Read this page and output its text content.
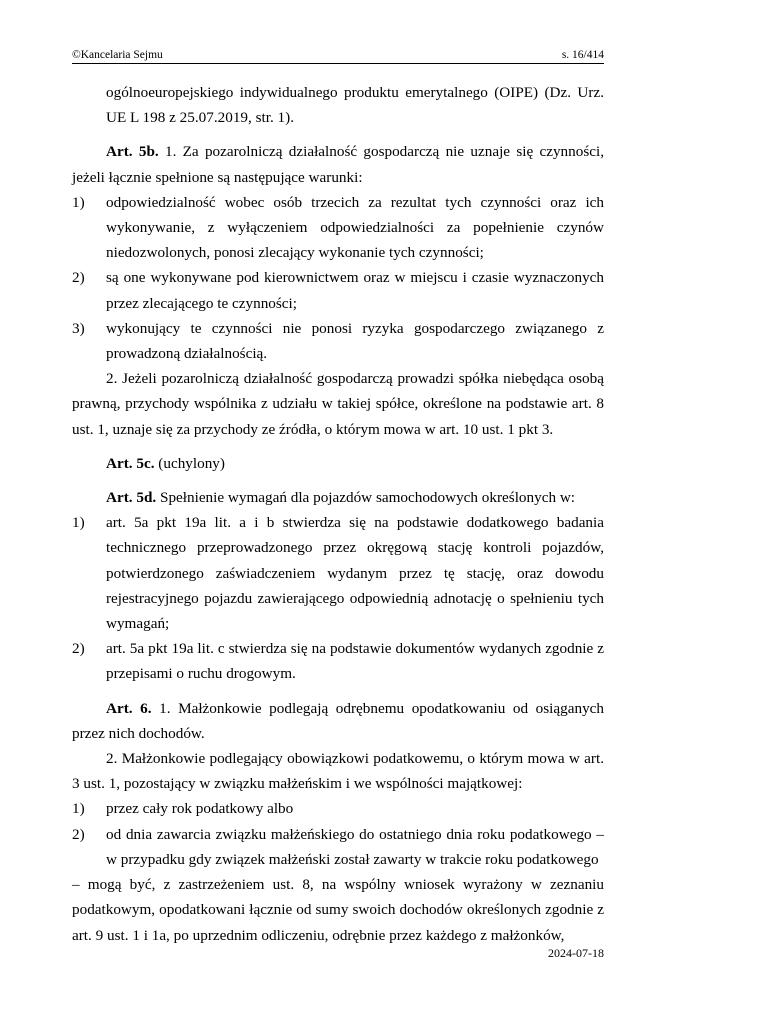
©Kancelaria Sejmu	s. 16/414

ogólnoeuropejskiego indywidualnego produktu emerytalnego (OIPE) (Dz. Urz. UE L 198 z 25.07.2019, str. 1).

Art. 5b. 1. Za pozarolniczą działalność gospodarczą nie uznaje się czynności, jeżeli łącznie spełnione są następujące warunki:

1)	odpowiedzialność wobec osób trzecich za rezultat tych czynności oraz ich wykonywanie, z wyłączeniem odpowiedzialności za popełnienie czynów niedozwolonych, ponosi zlecający wykonanie tych czynności;
2)	są one wykonywane pod kierownictwem oraz w miejscu i czasie wyznaczonych przez zlecającego te czynności;
3)	wykonujący te czynności nie ponosi ryzyka gospodarczego związanego z prowadzoną działalnością.

2. Jeżeli pozarolniczą działalność gospodarczą prowadzi spółka niebędąca osobą prawną, przychody wspólnika z udziału w takiej spółce, określone na podstawie art. 8 ust. 1, uznaje się za przychody ze źródła, o którym mowa w art. 10 ust. 1 pkt 3.

Art. 5c. (uchylony)

Art. 5d. Spełnienie wymagań dla pojazdów samochodowych określonych w:

1)	art. 5a pkt 19a lit. a i b stwierdza się na podstawie dodatkowego badania technicznego przeprowadzonego przez okręgową stację kontroli pojazdów, potwierdzonego zaświadczeniem wydanym przez tę stację, oraz dowodu rejestracyjnego pojazdu zawierającego odpowiednią adnotację o spełnieniu tych wymagań;
2)	art. 5a pkt 19a lit. c stwierdza się na podstawie dokumentów wydanych zgodnie z przepisami o ruchu drogowym.

Art. 6. 1. Małżonkowie podlegają odrębnemu opodatkowaniu od osiąganych przez nich dochodów.

2. Małżonkowie podlegający obowiązkowi podatkowemu, o którym mowa w art. 3 ust. 1, pozostający w związku małżeńskim i we wspólności majątkowej:

1)	przez cały rok podatkowy albo
2)	od dnia zawarcia związku małżeńskiego do ostatniego dnia roku podatkowego – w przypadku gdy związek małżeński został zawarty w trakcie roku podatkowego

– mogą być, z zastrzeżeniem ust. 8, na wspólny wniosek wyrażony w zeznaniu podatkowym, opodatkowani łącznie od sumy swoich dochodów określonych zgodnie z art. 9 ust. 1 i 1a, po uprzednim odliczeniu, odrębnie przez każdego z małżonków,

2024-07-18
